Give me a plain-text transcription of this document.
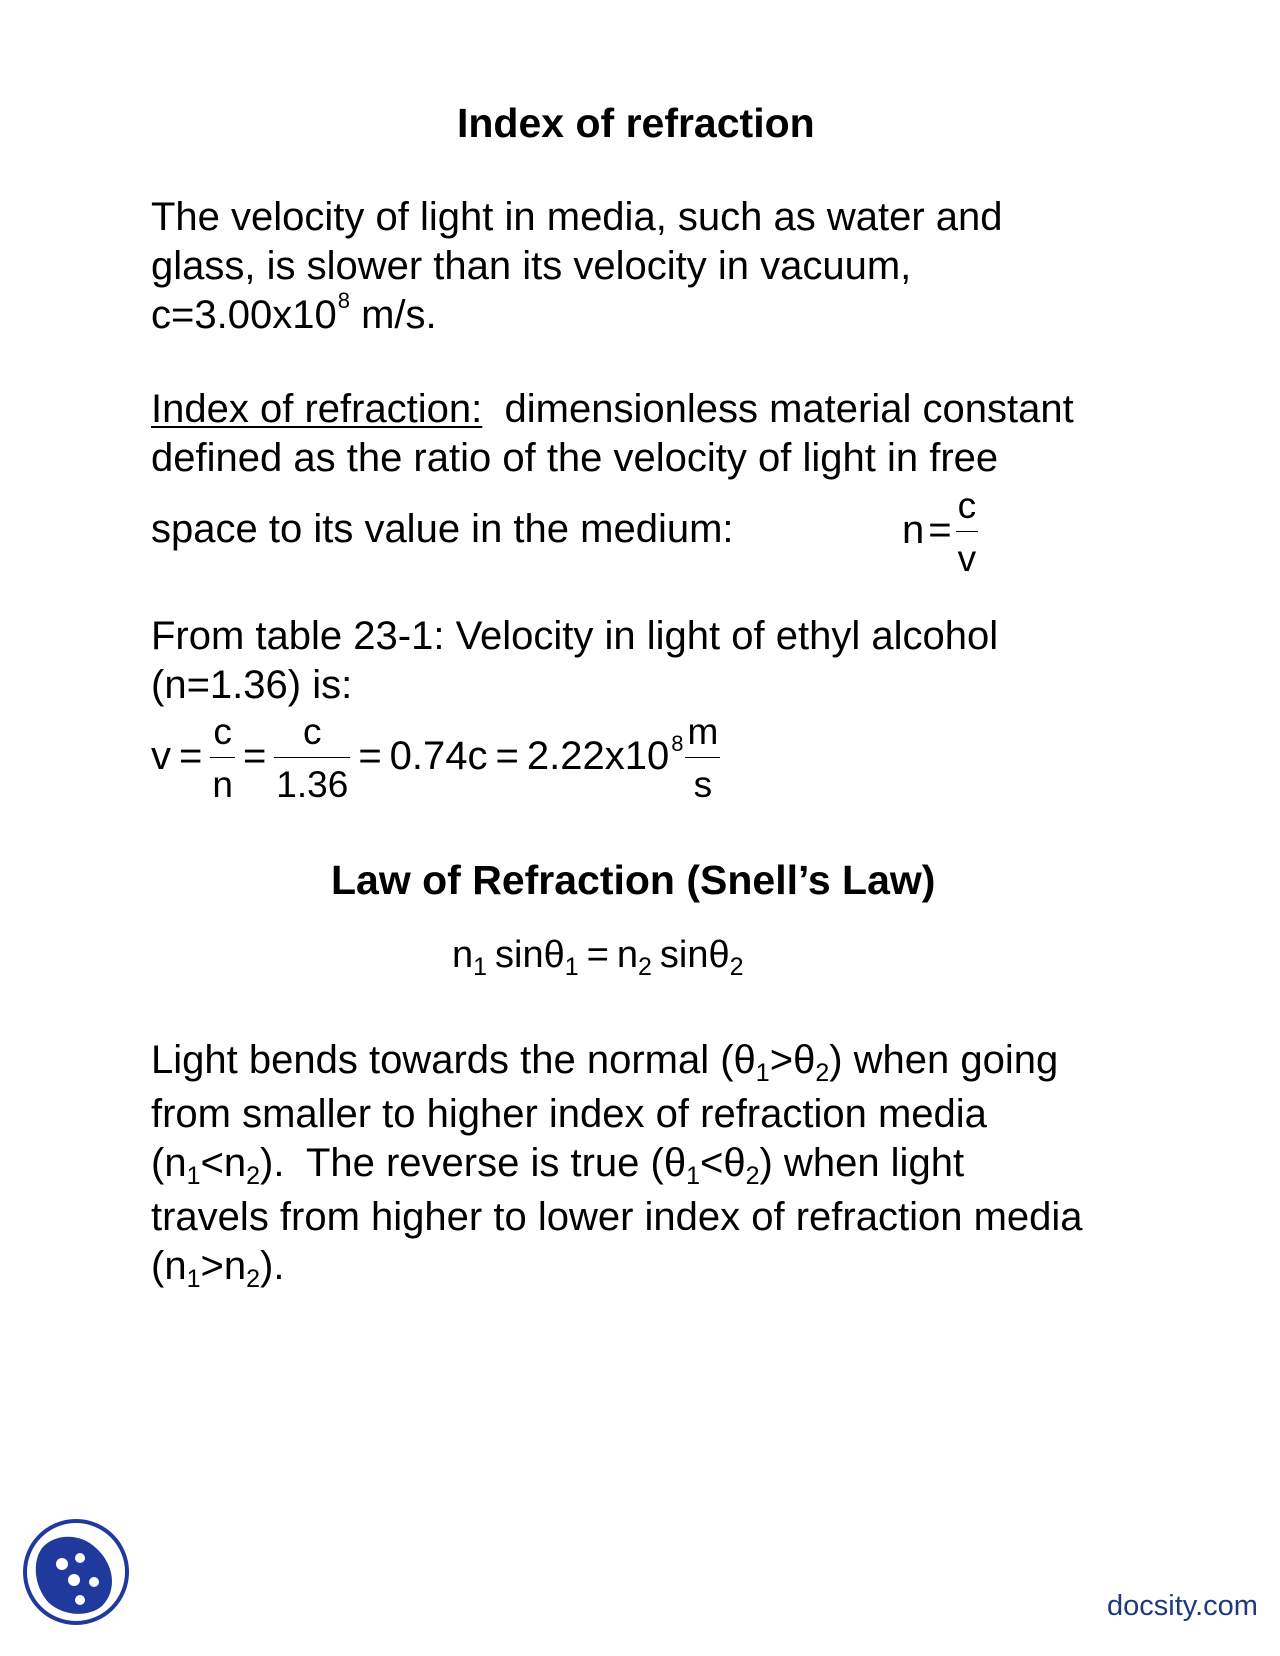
Index of refraction
The velocity of light in media, such as water and
glass, is slower than its velocity in vacuum,
$c=3.00x10^8$ m/s.
Index of refraction:  dimensionless material constant
defined as the ratio of the velocity of light in free
space to its value in the medium:	$n = \frac{c}{v}$
From table 23-1: Velocity in light of ethyl alcohol
(n=1.36) is:
$v = \frac{c}{n} = \frac{c}{1.36} = 0.74c = 2.22x10^8 \frac{m}{s}$
Law of Refraction (Snell’s Law)
$n_1$ $\sin\theta_1 = n_2$ sinθ$_2$
Light bends towards the normal $(\theta_1>\theta_2)$ when going
from smaller to higher index of refraction media
$(n_1<n_2)$.  The reverse is true $(\theta_1<\theta_2)$ when light
travels from higher to lower index of refraction media
$(n_1>n_2)$.
docsity.com
